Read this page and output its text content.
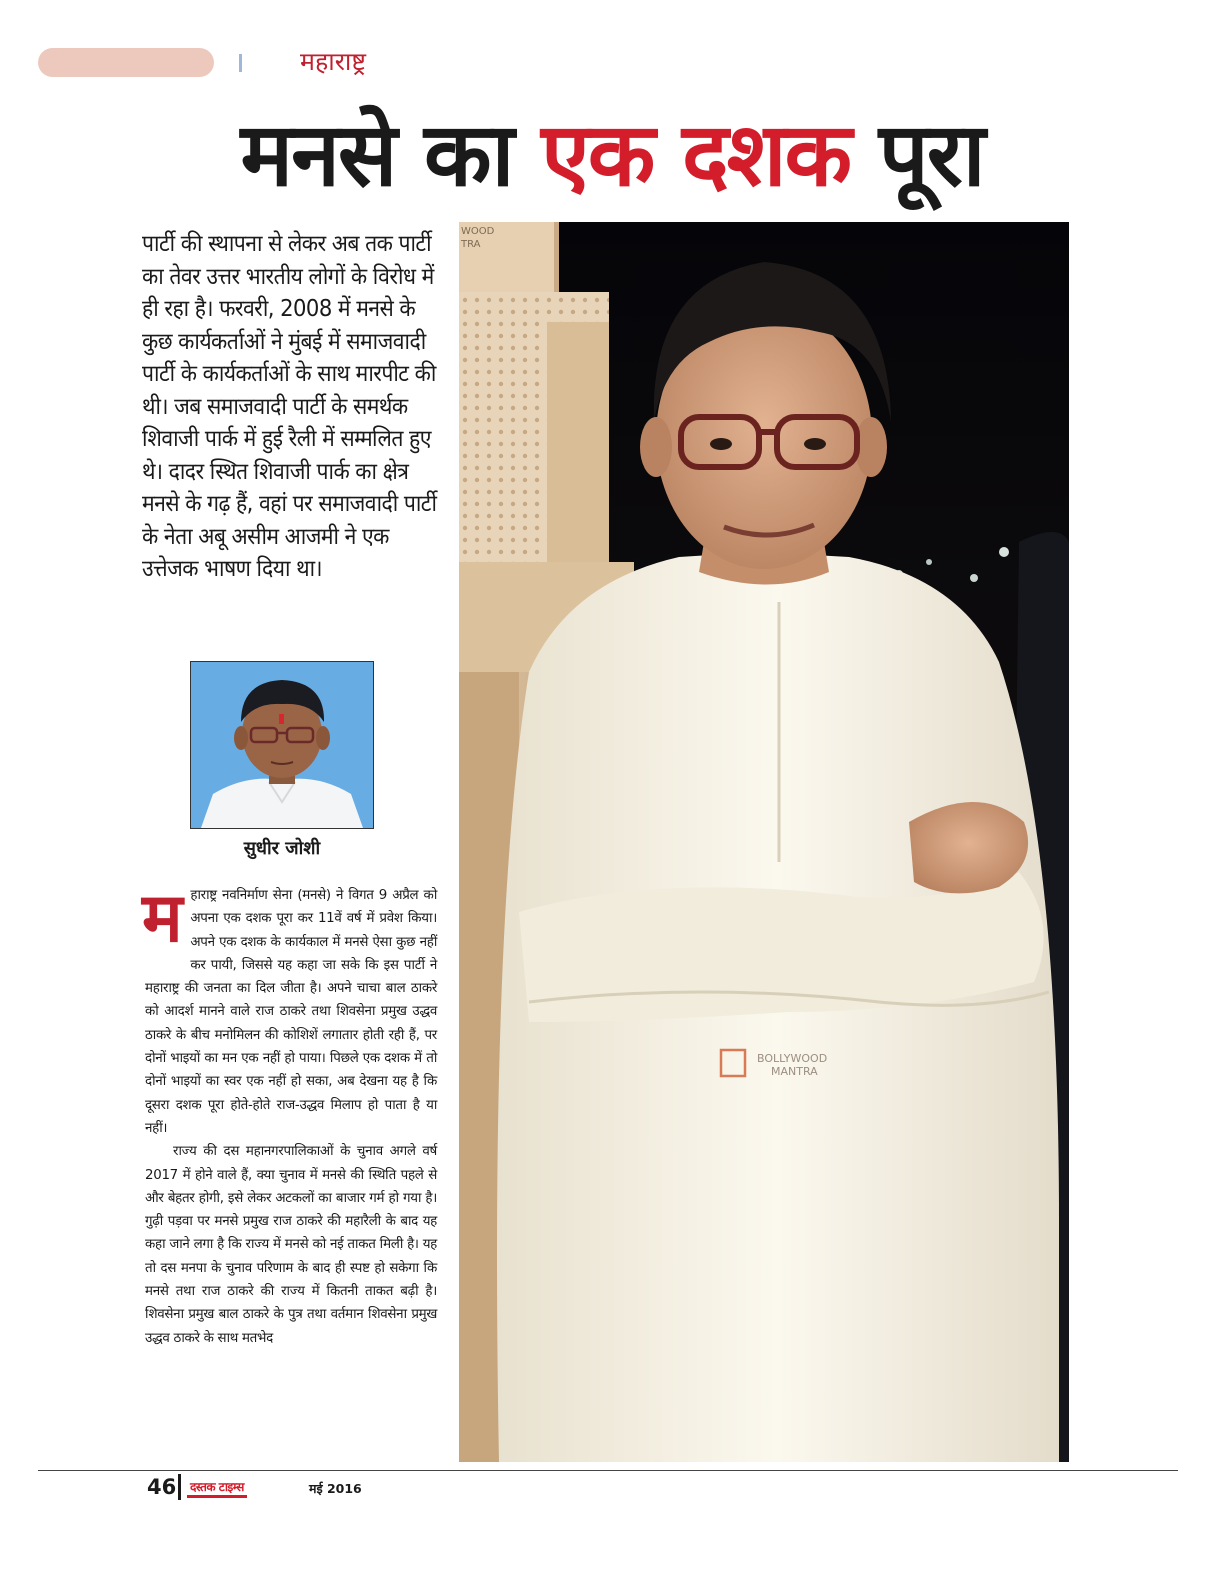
महाराष्ट्र
मनसे का एक दशक पूरा
पार्टी की स्थापना से लेकर अब तक पार्टी का तेवर उत्तर भारतीय लोगों के विरोध में ही रहा है। फरवरी, 2008 में मनसे के कुछ कार्यकर्ताओं ने मुंबई में समाजवादी पार्टी के कार्यकर्ताओं के साथ मारपीट की थी। जब समाजवादी पार्टी के समर्थक शिवाजी पार्क में हुई रैली में सम्मलित हुए थे। दादर स्थित शिवाजी पार्क का क्षेत्र मनसे के गढ़ हैं, वहां पर समाजवादी पार्टी के नेता अबू असीम आजमी ने एक उत्तेजक भाषण दिया था।
सुधीर जोशी
म हाराष्ट्र नवनिर्माण सेना (मनसे) ने विगत 9 अप्रैल को अपना एक दशक पूरा कर 11वें वर्ष में प्रवेश किया। अपने एक दशक के कार्यकाल में मनसे ऐसा कुछ नहीं कर पायी, जिससे यह कहा जा सके कि इस पार्टी ने महाराष्ट्र की जनता का दिल जीता है। अपने चाचा बाल ठाकरे को आदर्श मानने वाले राज ठाकरे तथा शिवसेना प्रमुख उद्धव ठाकरे के बीच मनोमिलन की कोशिशें लगातार होती रही हैं, पर दोनों भाइयों का मन एक नहीं हो पाया। पिछले एक दशक में तो दोनों भाइयों का स्वर एक नहीं हो सका, अब देखना यह है कि दूसरा दशक पूरा होते-होते राज-उद्धव मिलाप हो पाता है या नहीं।

राज्य की दस महानगरपालिकाओं के चुनाव अगले वर्ष 2017 में होने वाले हैं, क्या चुनाव में मनसे की स्थिति पहले से और बेहतर होगी, इसे लेकर अटकलों का बाजार गर्म हो गया है। गुढ़ी पड़वा पर मनसे प्रमुख राज ठाकरे की महारैली के बाद यह कहा जाने लगा है कि राज्य में मनसे को नई ताकत मिली है। यह तो दस मनपा के चुनाव परिणाम के बाद ही स्पष्ट हो सकेगा कि मनसे तथा राज ठाकरे की राज्य में कितनी ताकत बढ़ी है। शिवसेना प्रमुख बाल ठाकरे के पुत्र तथा वर्तमान शिवसेना प्रमुख उद्धव ठाकरे के साथ मतभेद

BOLLYWOOD
MANTRA
WOOD
TRA
46 दस्तक टाइम्स	मई 2016
